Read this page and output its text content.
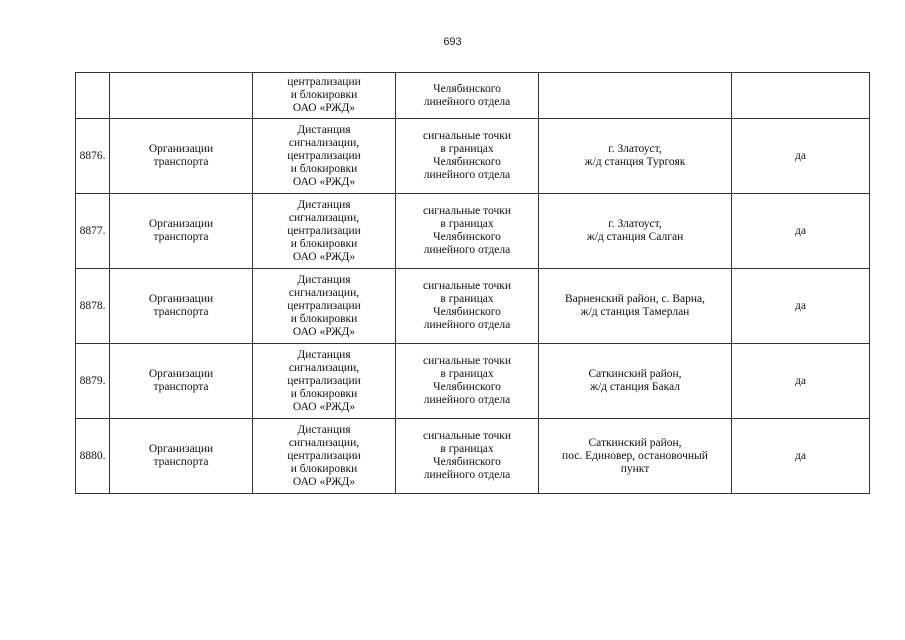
693
		централизации
и блокировки
ОАО «РЖД»	Челябинского
линейного отдела		
8876.	Организации
транспорта	Дистанция
сигнализации,
централизации
и блокировки
ОАО «РЖД»	сигнальные точки
в границах
Челябинского
линейного отдела	г. Златоуст,
ж/д станция Тургояк	да
8877.	Организации
транспорта	Дистанция
сигнализации,
централизации
и блокировки
ОАО «РЖД»	сигнальные точки
в границах
Челябинского
линейного отдела	г. Златоуст,
ж/д станция Салган	да
8878.	Организации
транспорта	Дистанция
сигнализации,
централизации
и блокировки
ОАО «РЖД»	сигнальные точки
в границах
Челябинского
линейного отдела	Варненский район, с. Варна,
ж/д станция Тамерлан	да
8879.	Организации
транспорта	Дистанция
сигнализации,
централизации
и блокировки
ОАО «РЖД»	сигнальные точки
в границах
Челябинского
линейного отдела	Саткинский район,
ж/д станция Бакал	да
8880.	Организации
транспорта	Дистанция
сигнализации,
централизации
и блокировки
ОАО «РЖД»	сигнальные точки
в границах
Челябинского
линейного отдела	Саткинский район,
пос. Единовер, остановочный
пункт	да
